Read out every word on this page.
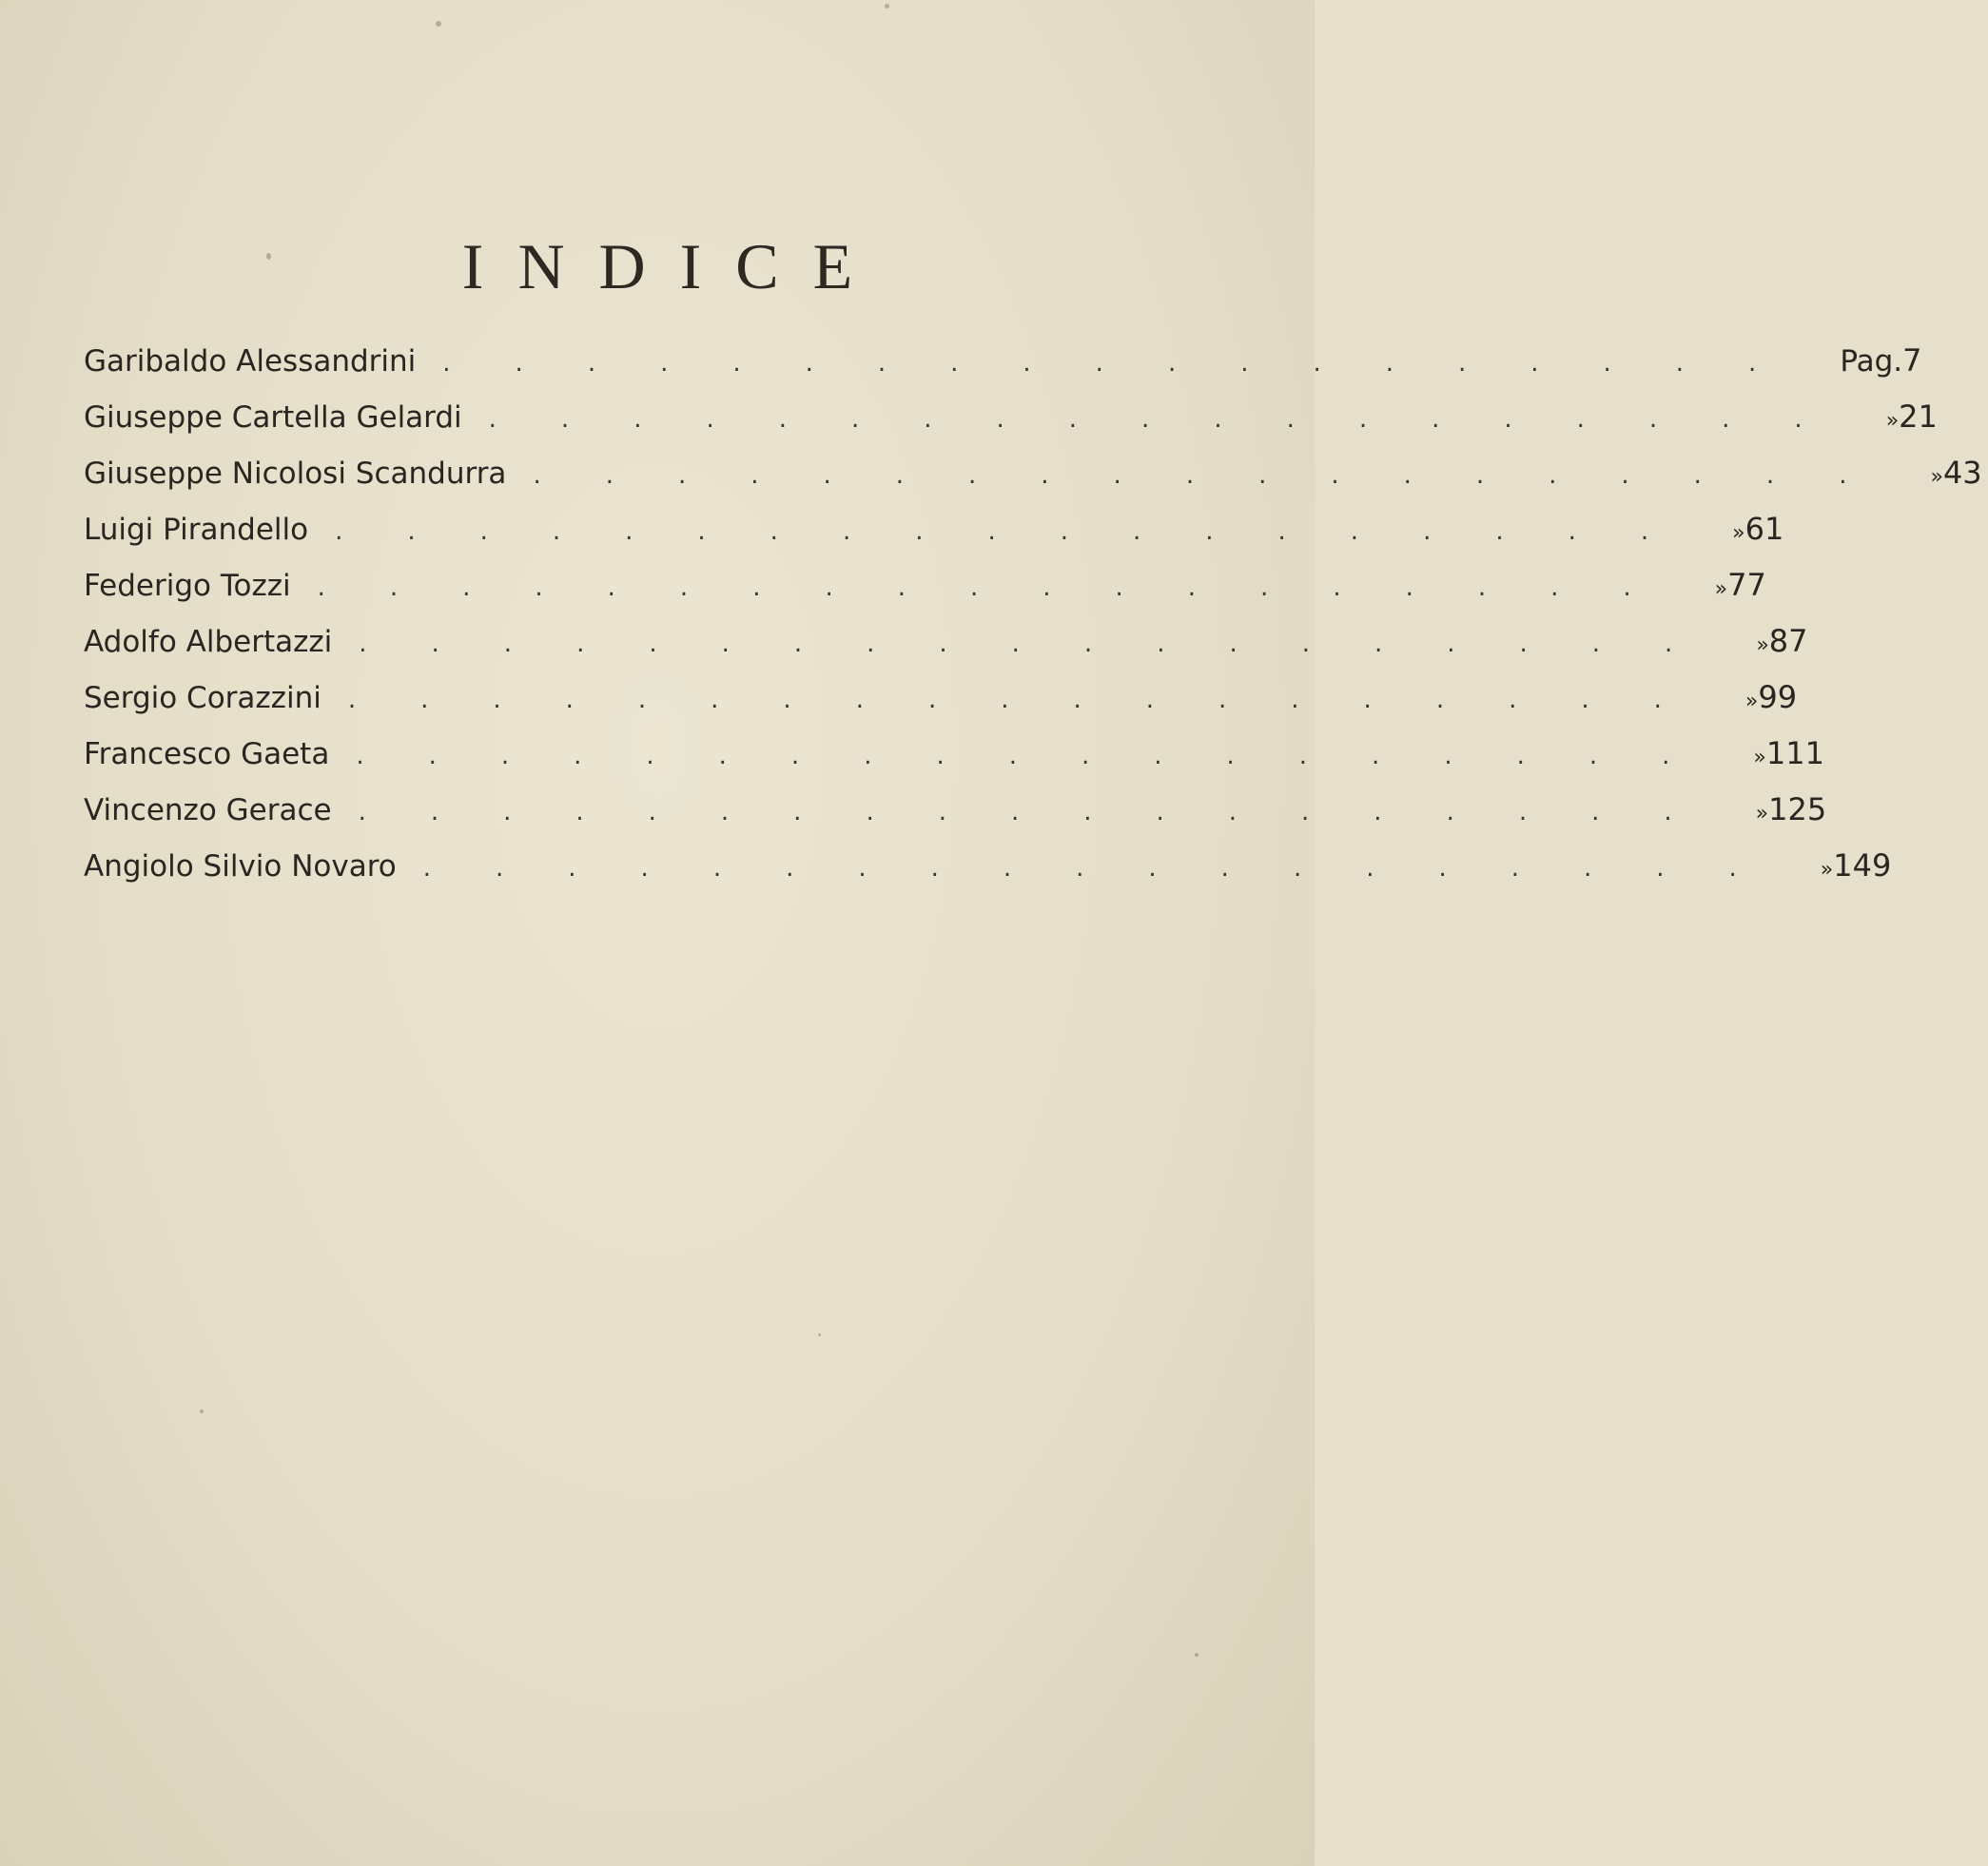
INDICE
Garibaldo Alessandrini	................... Pag. 7
Giuseppe Cartella Gelardi	................... » 21
Giuseppe Nicolosi Scandurra	................... » 43
Luigi Pirandello	................... » 61
Federigo Tozzi	................... » 77
Adolfo Albertazzi	................... » 87
Sergio Corazzini	................... » 99
Francesco Gaeta	................... » 111
Vincenzo Gerace	................... » 125
Angiolo Silvio Novaro	................... » 149
